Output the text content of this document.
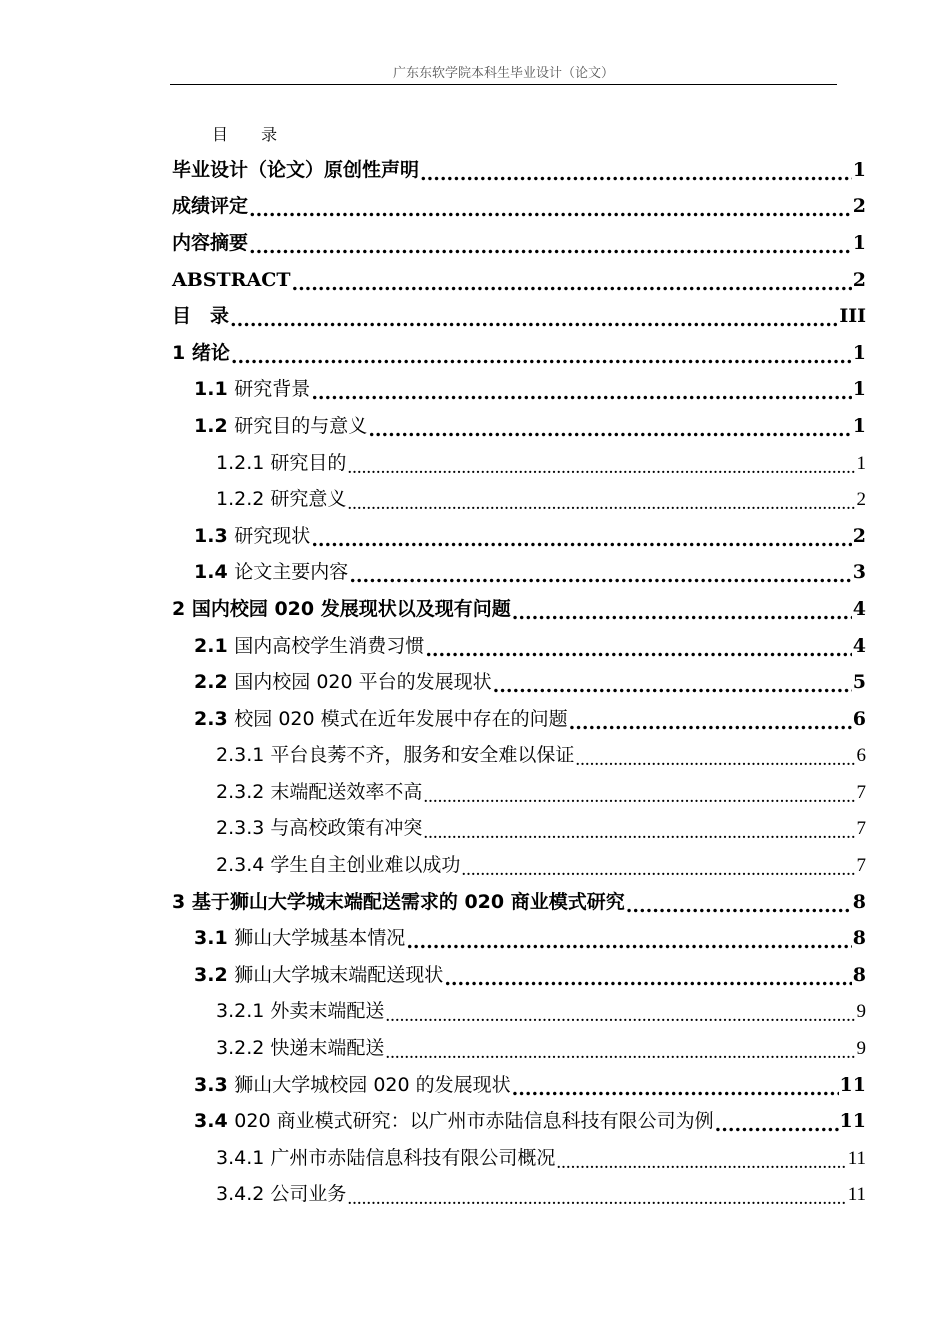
广东东软学院本科生毕业设计（论文）
目 录
毕业设计（论文）原创性声明 .....	1
成绩评定 .....	2
内容摘要 .....	1
ABSTRACT .....	2
目　录 .....	III
1 绪论 .....	1
1.1 研究背景 .....	1
1.2 研究目的与意义 .....	1
1.2.1 研究目的 .....	1
1.2.2 研究意义 .....	2
1.3 研究现状 .....	2
1.4 论文主要内容 .....	3
2 国内校园 020 发展现状以及现有问题 .....	4
2.1 国内高校学生消费习惯 .....	4
2.2 国内校园 020 平台的发展现状 .....	5
2.3 校园 020 模式在近年发展中存在的问题 .....	6
2.3.1 平台良莠不齐，服务和安全难以保证 .....	6
2.3.2 末端配送效率不高 .....	7
2.3.3 与高校政策有冲突 .....	7
2.3.4 学生自主创业难以成功 .....	7
3 基于狮山大学城末端配送需求的 020 商业模式研究 .....	8
3.1 狮山大学城基本情况 .....	8
3.2 狮山大学城末端配送现状 .....	8
3.2.1 外卖末端配送 .....	9
3.2.2 快递末端配送 .....	9
3.3 狮山大学城校园 020 的发展现状 .....	11
3.4 020 商业模式研究：以广州市赤陆信息科技有限公司为例 .....	11
3.4.1 广州市赤陆信息科技有限公司概况 .....	11
3.4.2 公司业务 .....	11
